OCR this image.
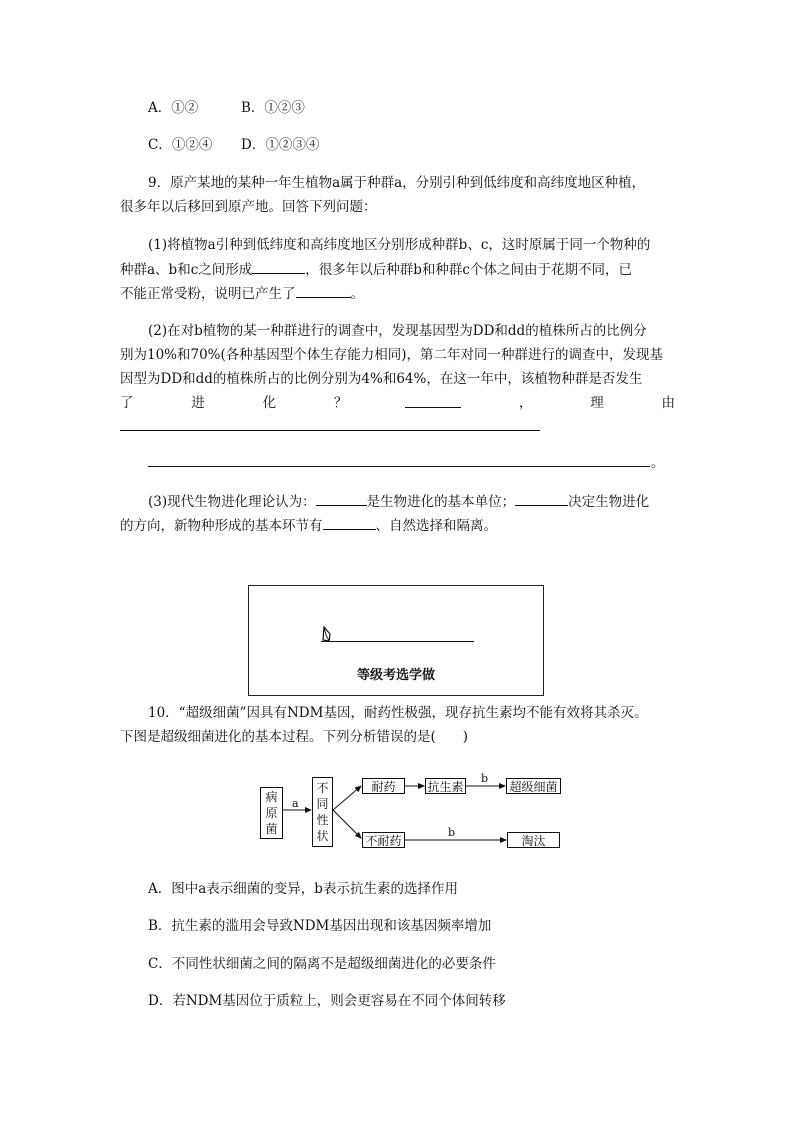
A．①②	B．①②③
C．①②④ D．①②③④
9．原产某地的某种一年生植物a属于种群a，分别引种到低纬度和高纬度地区种植，
很多年以后移回到原产地。回答下列问题：
(1)将植物a引种到低纬度和高纬度地区分别形成种群b、c，这时原属于同一个物种的
种群a、b和c之间形成	，很多年以后种群b和种群c个体之间由于花期不同，已
不能正常受粉，说明已产生了	。
(2)在对b植物的某一种群进行的调查中，发现基因型为DD和dd的植株所占的比例分
别为10%和70%(各种基因型个体生存能力相同)，第二年对同一种群进行的调查中，发现基
因型为DD和dd的植株所占的比例分别为4%和64%，在这一年中，该植物种群是否发生
了	进	化	？	，	理	由
。
(3)现代生物进化理论认为：	是生物进化的基本单位；	决定生物进化
的方向，新物种形成的基本环节有	、自然选择和隔离。
等级考选学做
10．“超级细菌”因具有NDM基因，耐药性极强，现存抗生素均不能有效将其杀灭。
下图是超级细菌进化的基本过程。下列分析错误的是(　　)
病
原
菌
a
不
同
性
状
耐药	抗生素
b
超级细菌
不耐药
b
淘汰
A．图中a表示细菌的变异，b表示抗生素的选择作用
B．抗生素的滥用会导致NDM基因出现和该基因频率增加
C．不同性状细菌之间的隔离不是超级细菌进化的必要条件
D．若NDM基因位于质粒上，则会更容易在不同个体间转移
